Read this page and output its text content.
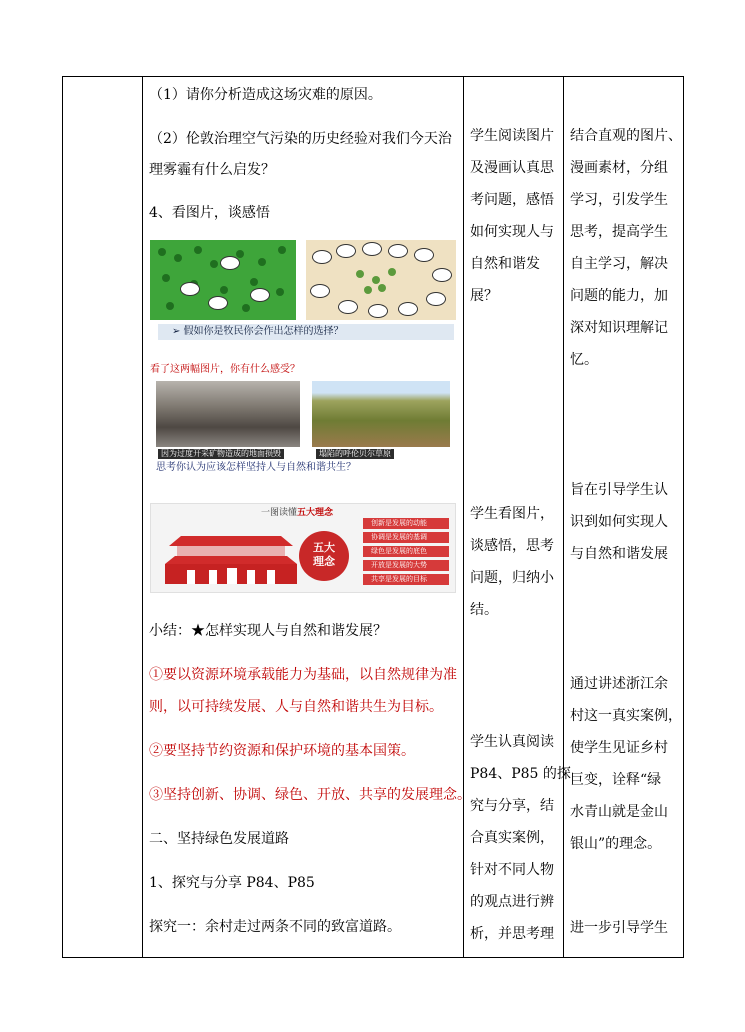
（1）请你分析造成这场灾难的原因。
（2）伦敦治理空气污染的历史经验对我们今天治
理雾霾有什么启发？
4、看图片，谈感悟
➢ 假如你是牧民你会作出怎样的选择？
看了这两幅图片，你有什么感受？
因为过度开采矿物造成的地面损毁	塌陷的呼伦贝尔草原
思考你认为应该怎样坚持人与自然和谐共生？
一图读懂五大理念
五大
理念
创新是发展的动能
协调是发展的基调
绿色是发展的底色
开放是发展的大势
共享是发展的目标
小结：★怎样实现人与自然和谐发展？
①要以资源环境承载能力为基础，以自然规律为准
则，以可持续发展、人与自然和谐共生为目标。
②要坚持节约资源和保护环境的基本国策。
③坚持创新、协调、绿色、开放、共享的发展理念。
二、坚持绿色发展道路
1、探究与分享 P84、P85
探究一：余村走过两条不同的致富道路。
学生阅读图片
及漫画认真思
考问题，感悟
如何实现人与
自然和谐发
展？
学生看图片，
谈感悟，思考
问题，归纳小
结。
学生认真阅读
P84、P85 的探
究与分享，结
合真实案例，
针对不同人物
的观点进行辨
析，并思考理
结合直观的图片、
漫画素材，分组
学习，引发学生
思考，提高学生
自主学习，解决
问题的能力，加
深对知识理解记
忆。
旨在引导学生认
识到如何实现人
与自然和谐发展
通过讲述浙江余
村这一真实案例，
使学生见证乡村
巨变，诠释“绿
水青山就是金山
银山”的理念。
进一步引导学生
